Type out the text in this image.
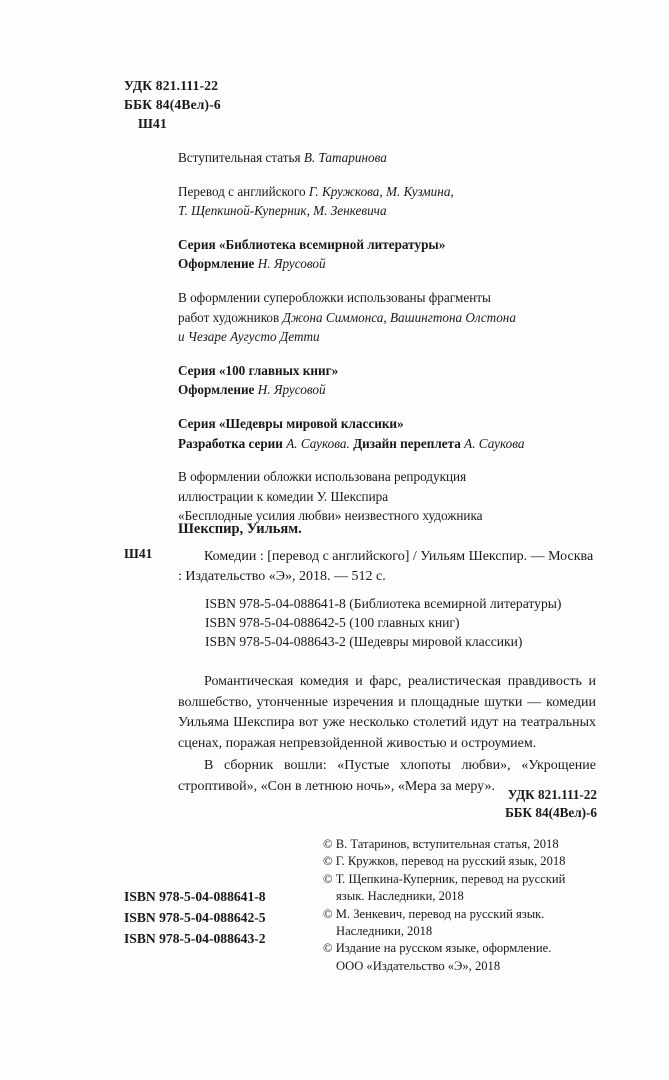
УДК 821.111-22
ББК 84(4Вел)-6
Ш41
Вступительная статья В. Татаринова
Перевод с английского Г. Кружкова, М. Кузмина,
Т. Щепкиной-Куперник, М. Зенкевича
Серия «Библиотека всемирной литературы»
Оформление Н. Ярусовой
В оформлении суперобложки использованы фрагменты
работ художников Джона Симмонса, Вашингтона Олстона
и Чезаре Аугусто Детти
Серия «100 главных книг»
Оформление Н. Ярусовой
Серия «Шедевры мировой классики»
Разработка серии А. Саукова. Дизайн переплета А. Саукова
В оформлении обложки использована репродукция
иллюстрации к комедии У. Шекспира
«Бесплодные усилия любви» неизвестного художника
Ш41
Шекспир, Уильям.
Комедии : [перевод с английского] / Уильям Шекспир. — Москва : Издательство «Э», 2018. — 512 с.
ISBN 978-5-04-088641-8 (Библиотека всемирной литературы)
ISBN 978-5-04-088642-5 (100 главных книг)
ISBN 978-5-04-088643-2 (Шедевры мировой классики)

Романтическая комедия и фарс, реалистическая правдивость и волшебство, утонченные изречения и площадные шутки — комедии Уильяма Шекспира вот уже несколько столетий идут на театральных сценах, поражая непревзойденной живостью и остроумием.

В сборник вошли: «Пустые хлопоты любви», «Укрощение строптивой», «Сон в летнюю ночь», «Мера за меру».

УДК 821.111-22
ББК 84(4Вел)-6
© В. Татаринов, вступительная статья, 2018
© Г. Кружков, перевод на русский язык, 2018
© Т. Щепкина-Куперник, перевод на русский
язык. Наследники, 2018
© М. Зенкевич, перевод на русский язык.
Наследники, 2018
© Издание на русском языке, оформление.
ООО «Издательство «Э», 2018
ISBN 978-5-04-088641-8
ISBN 978-5-04-088642-5
ISBN 978-5-04-088643-2
